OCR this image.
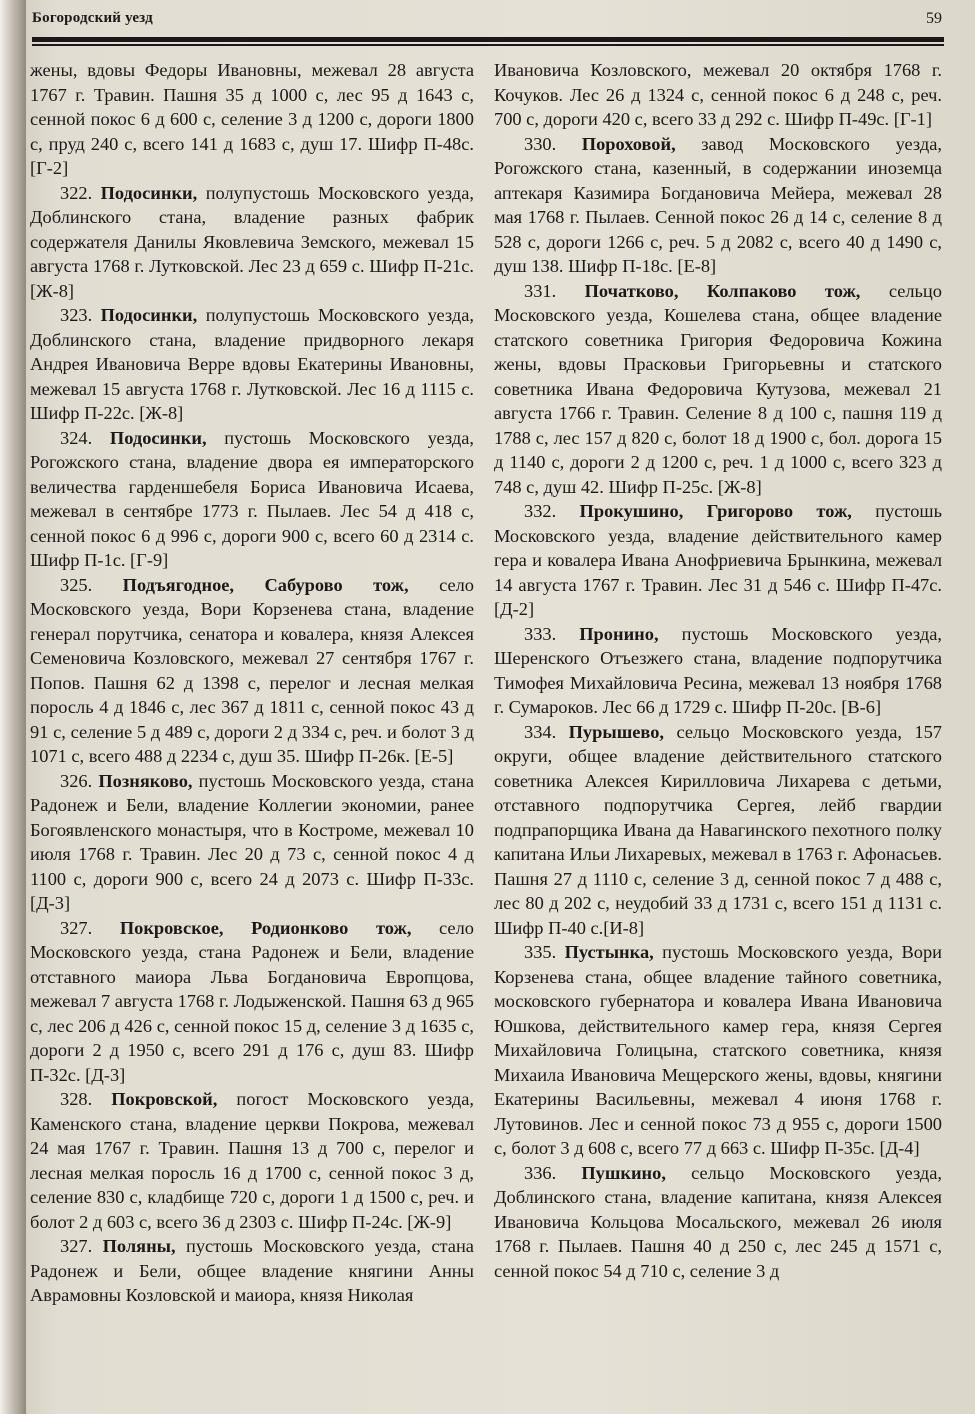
Богородский уезд	59

жены, вдовы Федоры Ивановны, межевал 28 августа 1767 г. Травин. Пашня 35 д 1000 с, лес 95 д 1643 с, сенной покос 6 д 600 с, селение 3 д 1200 с, дороги 1800 с, пруд 240 с, всего 141 д 1683 с, душ 17. Шифр П-48с. [Г-2]

322. Подосинки, полупустошь Московского уезда, Доблинского стана, владение разных фабрик содержателя Данилы Яковлевича Земского, межевал 15 августа 1768 г. Лутковской. Лес 23 д 659 с. Шифр П-21с. [Ж-8]

323. Подосинки, полупустошь Московского уезда, Доблинского стана, владение придворного лекаря Андрея Ивановича Верре вдовы Екатерины Ивановны, межевал 15 августа 1768 г. Лутковской. Лес 16 д 1115 с. Шифр П-22с. [Ж-8]

324. Подосинки, пустошь Московского уезда, Рогожского стана, владение двора ея императорского величества гарденшебеля Бориса Ивановича Исаева, межевал в сентябре 1773 г. Пылаев. Лес 54 д 418 с, сенной покос 6 д 996 с, дороги 900 с, всего 60 д 2314 с. Шифр П-1с. [Г-9]

325. Подъягодное, Сабурово тож, село Московского уезда, Вори Корзенева стана, владение генерал порутчика, сенатора и ковалера, князя Алексея Семеновича Козловского, межевал 27 сентября 1767 г. Попов. Пашня 62 д 1398 с, перелог и лесная мелкая поросль 4 д 1846 с, лес 367 д 1811 с, сенной покос 43 д 91 с, селение 5 д 489 с, дороги 2 д 334 с, реч. и болот 3 д 1071 с, всего 488 д 2234 с, душ 35. Шифр П-26к. [Е-5]

326. Позняково, пустошь Московского уезда, стана Радонеж и Бели, владение Коллегии экономии, ранее Богоявленского монастыря, что в Костроме, межевал 10 июля 1768 г. Травин. Лес 20 д 73 с, сенной покос 4 д 1100 с, дороги 900 с, всего 24 д 2073 с. Шифр П-33с. [Д-3]

327. Покровское, Родионково тож, село Московского уезда, стана Радонеж и Бели, владение отставного маиора Льва Богдановича Европцова, межевал 7 августа 1768 г. Лодыженской. Пашня 63 д 965 с, лес 206 д 426 с, сенной покос 15 д, селение 3 д 1635 с, дороги 2 д 1950 с, всего 291 д 176 с, душ 83. Шифр П-32с. [Д-3]

328. Покровской, погост Московского уезда, Каменского стана, владение церкви Покрова, межевал 24 мая 1767 г. Травин. Пашня 13 д 700 с, перелог и лесная мелкая поросль 16 д 1700 с, сенной покос 3 д, селение 830 с, кладбище 720 с, дороги 1 д 1500 с, реч. и болот 2 д 603 с, всего 36 д 2303 с. Шифр П-24с. [Ж-9]

327. Поляны, пустошь Московского уезда, стана Радонеж и Бели, общее владение княгини Анны Аврамовны Козловской и маиора, князя Николая

Ивановича Козловского, межевал 20 октября 1768 г. Кочуков. Лес 26 д 1324 с, сенной покос 6 д 248 с, реч. 700 с, дороги 420 с, всего 33 д 292 с. Шифр П-49с. [Г-1]

330. Пороховой, завод Московского уезда, Рогожского стана, казенный, в содержании иноземца аптекаря Казимира Богдановича Мейера, межевал 28 мая 1768 г. Пылаев. Сенной покос 26 д 14 с, селение 8 д 528 с, дороги 1266 с, реч. 5 д 2082 с, всего 40 д 1490 с, душ 138. Шифр П-18с. [Е-8]

331. Початково, Колпаково тож, сельцо Московского уезда, Кошелева стана, общее владение статского советника Григория Федоровича Кожина жены, вдовы Прасковьи Григорьевны и статского советника Ивана Федоровича Кутузова, межевал 21 августа 1766 г. Травин. Селение 8 д 100 с, пашня 119 д 1788 с, лес 157 д 820 с, болот 18 д 1900 с, бол. дорога 15 д 1140 с, дороги 2 д 1200 с, реч. 1 д 1000 с, всего 323 д 748 с, душ 42. Шифр П-25с. [Ж-8]

332. Прокушино, Григорово тож, пустошь Московского уезда, владение действительного камер гера и ковалера Ивана Анофриевича Брынкина, межевал 14 августа 1767 г. Травин. Лес 31 д 546 с. Шифр П-47с. [Д-2]

333. Пронино, пустошь Московского уезда, Шеренского Отъезжего стана, владение подпорутчика Тимофея Михайловича Ресина, межевал 13 ноября 1768 г. Сумароков. Лес 66 д 1729 с. Шифр П-20с. [В-6]

334. Пурышево, сельцо Московского уезда, 157 округи, общее владение действительного статского советника Алексея Кирилловича Лихарева с детьми, отставного подпорутчика Сергея, лейб гвардии подпрапорщика Ивана да Навагинского пехотного полку капитана Ильи Лихаревых, межевал в 1763 г. Афонасьев. Пашня 27 д 1110 с, селение 3 д, сенной покос 7 д 488 с, лес 80 д 202 с, неудобий 33 д 1731 с, всего 151 д 1131 с. Шифр П-40 с.[И-8]

335. Пустынка, пустошь Московского уезда, Вори Корзенева стана, общее владение тайного советника, московского губернатора и ковалера Ивана Ивановича Юшкова, действительного камер гера, князя Сергея Михайловича Голицына, статского советника, князя Михаила Ивановича Мещерского жены, вдовы, княгини Екатерины Васильевны, межевал 4 июня 1768 г. Лутовинов. Лес и сенной покос 73 д 955 с, дороги 1500 с, болот 3 д 608 с, всего 77 д 663 с. Шифр П-35с. [Д-4]

336. Пушкино, сельцо Московского уезда, Доблинского стана, владение капитана, князя Алексея Ивановича Кольцова Мосальского, межевал 26 июля 1768 г. Пылаев. Пашня 40 д 250 с, лес 245 д 1571 с, сенной покос 54 д 710 с, селение 3 д
